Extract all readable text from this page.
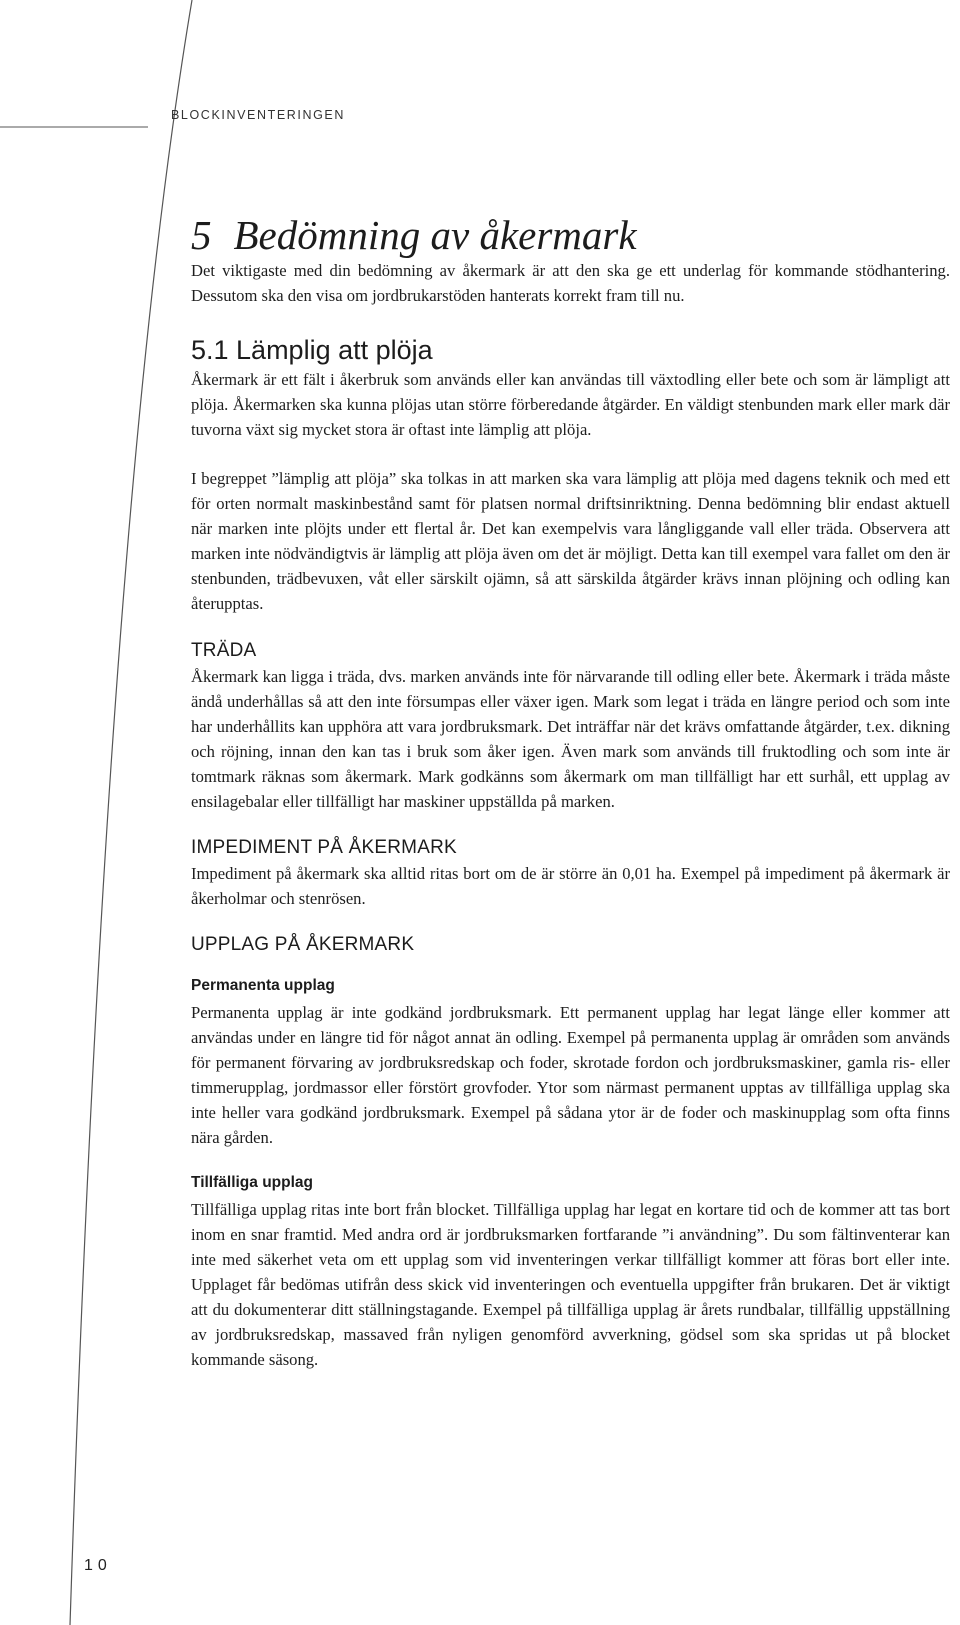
BLOCKINVENTERINGEN
5 Bedömning av åkermark

Det viktigaste med din bedömning av åkermark är att den ska ge ett underlag för kommande stödhantering. Dessutom ska den visa om jordbrukarstöden hanterats korrekt fram till nu.

5.1 Lämplig att plöja

Åkermark är ett fält i åkerbruk som används eller kan användas till växtodling eller bete och som är lämpligt att plöja. Åkermarken ska kunna plöjas utan större förberedande åtgärder. En väldigt stenbunden mark eller mark där tuvorna växt sig mycket stora är oftast inte lämplig att plöja.

I begreppet ”lämplig att plöja” ska tolkas in att marken ska vara lämplig att plöja med dagens teknik och med ett för orten normalt maskinbestånd samt för platsen normal driftsinriktning. Denna bedömning blir endast aktuell när marken inte plöjts under ett flertal år. Det kan exempelvis vara långliggande vall eller träda. Observera att marken inte nödvändigtvis är lämplig att plöja även om det är möjligt. Detta kan till exempel vara fallet om den är stenbunden, trädbevuxen, våt eller särskilt ojämn, så att särskilda åtgärder krävs innan plöjning och odling kan återupptas.

TRÄDA

Åkermark kan ligga i träda, dvs. marken används inte för närvarande till odling eller bete. Åkermark i träda måste ändå underhållas så att den inte försumpas eller växer igen. Mark som legat i träda en längre period och som inte har underhållits kan upphöra att vara jordbruksmark. Det inträffar när det krävs omfattande åtgärder, t.ex. dikning och röjning, innan den kan tas i bruk som åker igen. Även mark som används till fruktodling och som inte är tomtmark räknas som åkermark. Mark godkänns som åkermark om man tillfälligt har ett surhål, ett upplag av ensilagebalar eller tillfälligt har maskiner uppställda på marken.

IMPEDIMENT PÅ ÅKERMARK

Impediment på åkermark ska alltid ritas bort om de är större än 0,01 ha. Exempel på impediment på åkermark är åkerholmar och stenrösen.

UPPLAG PÅ ÅKERMARK
Permanenta upplag

Permanenta upplag är inte godkänd jordbruksmark. Ett permanent upplag har legat länge eller kommer att användas under en längre tid för något annat än odling. Exempel på permanenta upplag är områden som används för permanent förvaring av jordbruksredskap och foder, skrotade fordon och jordbruksmaskiner, gamla ris- eller timmerupplag, jordmassor eller förstört grovfoder. Ytor som närmast permanent upptas av tillfälliga upplag ska inte heller vara godkänd jordbruksmark. Exempel på sådana ytor är de foder och maskinupplag som ofta finns nära gården.

Tillfälliga upplag

Tillfälliga upplag ritas inte bort från blocket. Tillfälliga upplag har legat en kortare tid och de kommer att tas bort inom en snar framtid. Med andra ord är jordbruksmarken fortfarande ”i användning”. Du som fältinventerar kan inte med säkerhet veta om ett upplag som vid inventeringen verkar tillfälligt kommer att föras bort eller inte. Upplaget får bedömas utifrån dess skick vid inventeringen och eventuella uppgifter från brukaren. Det är viktigt att du dokumenterar ditt ställningstagande. Exempel på tillfälliga upplag är årets rundbalar, tillfällig uppställning av jordbruksredskap, massaved från nyligen genomförd avverkning, gödsel som ska spridas ut på blocket kommande säsong.

10
